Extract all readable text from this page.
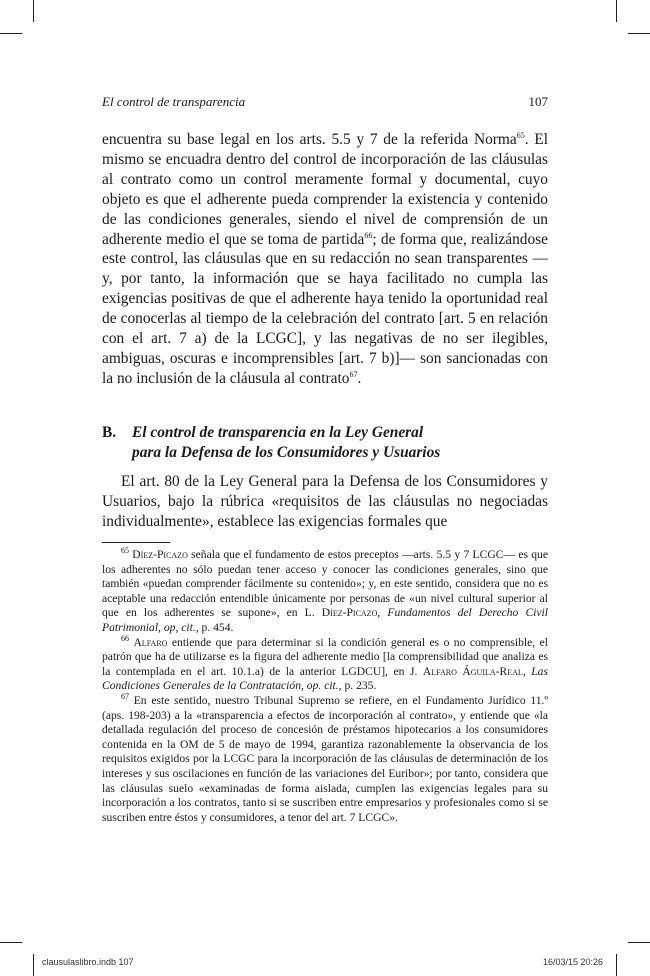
El control de transparencia	107

encuentra su base legal en los arts. 5.5 y 7 de la referida Norma$^{65}$. El mismo se encuadra dentro del control de incorporación de las cláusulas al contrato como un control meramente formal y documental, cuyo objeto es que el adherente pueda comprender la existencia y contenido de las condiciones generales, siendo el nivel de comprensión de un adherente medio el que se toma de partida$^{66}$; de forma que, realizándose este control, las cláusulas que en su redacción no sean transparentes —y, por tanto, la información que se haya facilitado no cumpla las exigencias positivas de que el adherente haya tenido la oportunidad real de conocerlas al tiempo de la celebración del contrato [art. 5 en relación con el art. 7 a) de la LCGC], y las negativas de no ser ilegibles, ambiguas, oscuras e incomprensibles [art. 7 b)]— son sancionadas con la no inclusión de la cláusula al contrato$^{67}$.

B. El control de transparencia en la Ley General
para la Defensa de los Consumidores y Usuarios

El art. 80 de la Ley General para la Defensa de los Consumidores y Usuarios, bajo la rúbrica «requisitos de las cláusulas no negociadas individualmente», establece las exigencias formales que

$^{65}$ Díez-Picazo señala que el fundamento de estos preceptos —arts. 5.5 y 7 LCGC— es que los adherentes no sólo puedan tener acceso y conocer las condiciones generales, sino que también «puedan comprender fácilmente su contenido»; y, en este sentido, considera que no es aceptable una redacción entendible únicamente por personas de «un nivel cultural superior al que en los adherentes se supone», en L. Díez-Picazo, Fundamentos del Derecho Civil Patrimonial, op, cit., p. 454.

$^{66}$ Alfaro entiende que para determinar si la condición general es o no comprensible, el patrón que ha de utilizarse es la figura del adherente medio [la comprensibilidad que analiza es la contemplada en el art. 10.1.a) de la anterior LGDCU], en J. Alfaro Águila-Real, Las Condiciones Generales de la Contratación, op. cit., p. 235.

$^{67}$ En este sentido, nuestro Tribunal Supremo se refiere, en el Fundamento Jurídico 11.º (aps. 198-203) a la «transparencia a efectos de incorporación al contrato», y entiende que «la detallada regulación del proceso de concesión de préstamos hipotecarios a los consumidores contenida en la OM de 5 de mayo de 1994, garantiza razonablemente la observancia de los requisitos exigidos por la LCGC para la incorporación de las cláusulas de determinación de los intereses y sus oscilaciones en función de las variaciones del Euribor»; por tanto, considera que las cláusulas suelo «examinadas de forma aislada, cumplen las exigencias legales para su incorporación a los contratos, tanto si se suscriben entre empresarios y profesionales como si se suscriben entre éstos y consumidores, a tenor del art. 7 LCGC».

clausulaslibro.indb 107	16/03/15 20:26
